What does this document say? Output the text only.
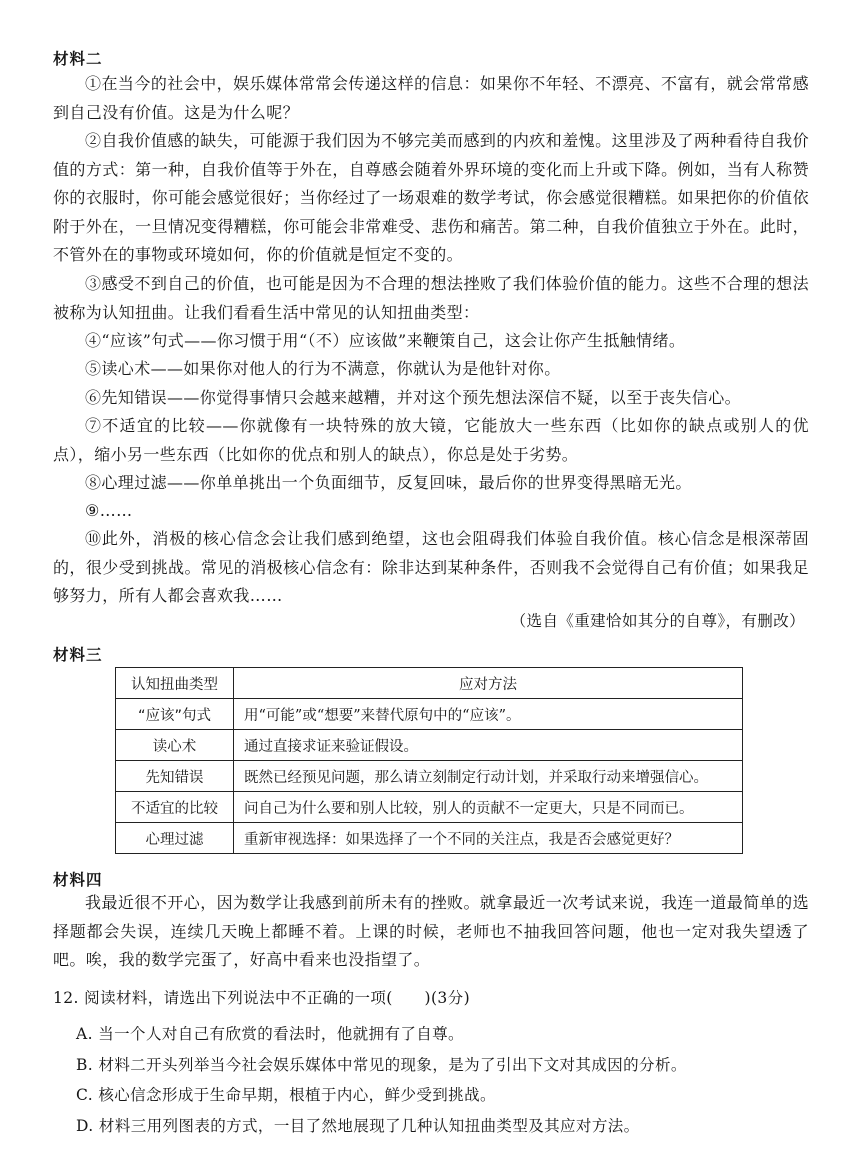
材料二

①在当今的社会中，娱乐媒体常常会传递这样的信息：如果你不年轻、不漂亮、不富有，就会常常感到自己没有价值。这是为什么呢？

②自我价值感的缺失，可能源于我们因为不够完美而感到的内疚和羞愧。这里涉及了两种看待自我价值的方式：第一种，自我价值等于外在，自尊感会随着外界环境的变化而上升或下降。例如，当有人称赞你的衣服时，你可能会感觉很好；当你经过了一场艰难的数学考试，你会感觉很糟糕。如果把你的价值依附于外在，一旦情况变得糟糕，你可能会非常难受、悲伤和痛苦。第二种，自我价值独立于外在。此时，不管外在的事物或环境如何，你的价值就是恒定不变的。

③感受不到自己的价值，也可能是因为不合理的想法挫败了我们体验价值的能力。这些不合理的想法被称为认知扭曲。让我们看看生活中常见的认知扭曲类型：

④“应该”句式——你习惯于用“（不）应该做”来鞭策自己，这会让你产生抵触情绪。

⑤读心术——如果你对他人的行为不满意，你就认为是他针对你。

⑥先知错误——你觉得事情只会越来越糟，并对这个预先想法深信不疑，以至于丧失信心。

⑦不适宜的比较——你就像有一块特殊的放大镜，它能放大一些东西（比如你的缺点或别人的优点），缩小另一些东西（比如你的优点和别人的缺点），你总是处于劣势。

⑧心理过滤——你单单挑出一个负面细节，反复回味，最后你的世界变得黑暗无光。

⑨……

⑩此外，消极的核心信念会让我们感到绝望，这也会阻碍我们体验自我价值。核心信念是根深蒂固的，很少受到挑战。常见的消极核心信念有：除非达到某种条件，否则我不会觉得自己有价值；如果我足够努力，所有人都会喜欢我……

（选自《重建恰如其分的自尊》，有删改）
材料三
认知扭曲类型	应对方法
“应该”句式	用“可能”或“想要”来替代原句中的“应该”。
读心术	通过直接求证来验证假设。
先知错误	既然已经预见问题，那么请立刻制定行动计划，并采取行动来增强信心。
不适宜的比较	问自己为什么要和别人比较，别人的贡献不一定更大，只是不同而已。
心理过滤	重新审视选择：如果选择了一个不同的关注点，我是否会感觉更好？
材料四

我最近很不开心，因为数学让我感到前所未有的挫败。就拿最近一次考试来说，我连一道最简单的选择题都会失误，连续几天晚上都睡不着。上课的时候，老师也不抽我回答问题，他也一定对我失望透了吧。唉，我的数学完蛋了，好高中看来也没指望了。

12. 阅读材料，请选出下列说法中不正确的一项(　　)(3分)
A. 当一个人对自己有欣赏的看法时，他就拥有了自尊。
B. 材料二开头列举当今社会娱乐媒体中常见的现象，是为了引出下文对其成因的分析。
C. 核心信念形成于生命早期，根植于内心，鲜少受到挑战。
D. 材料三用列图表的方式，一目了然地展现了几种认知扭曲类型及其应对方法。
